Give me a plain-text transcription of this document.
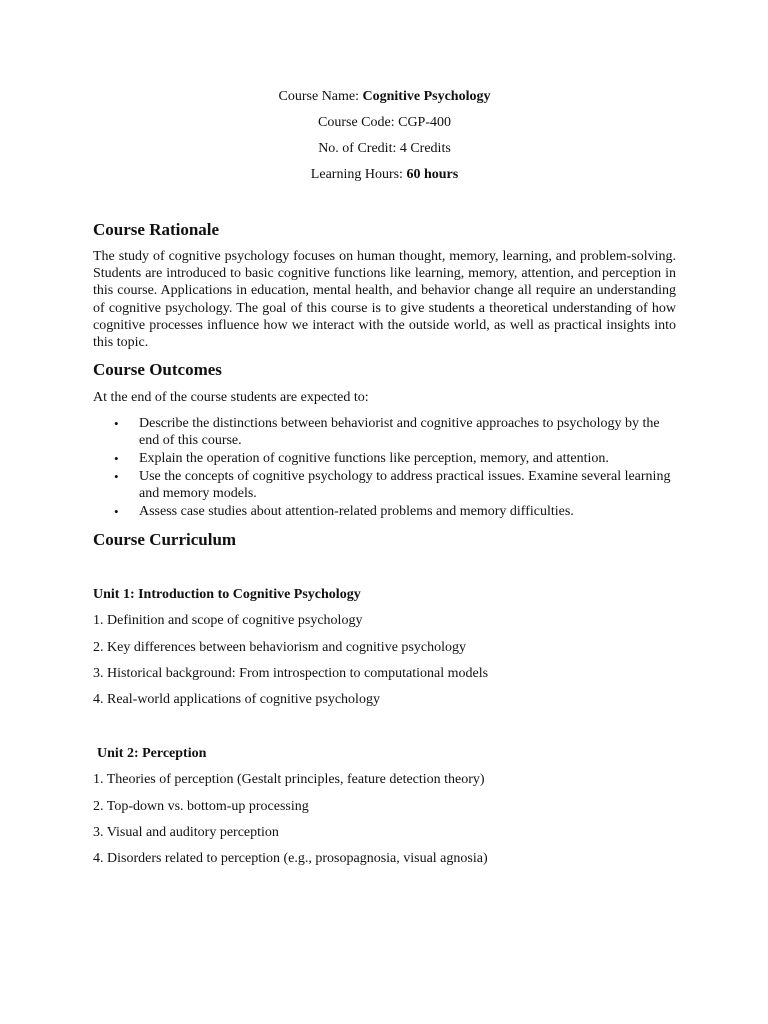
Course Name: Cognitive Psychology
Course Code: CGP-400
No. of Credit: 4 Credits
Learning Hours: 60 hours
Course Rationale
The study of cognitive psychology focuses on human thought, memory, learning, and problem-solving. Students are introduced to basic cognitive functions like learning, memory, attention, and perception in this course. Applications in education, mental health, and behavior change all require an understanding of cognitive psychology. The goal of this course is to give students a theoretical understanding of how cognitive processes influence how we interact with the outside world, as well as practical insights into this topic.
Course Outcomes
At the end of the course students are expected to:
• Describe the distinctions between behaviorist and cognitive approaches to psychology by the end of this course.
• Explain the operation of cognitive functions like perception, memory, and attention.
• Use the concepts of cognitive psychology to address practical issues. Examine several learning and memory models.
• Assess case studies about attention-related problems and memory difficulties.
Course Curriculum
Unit 1: Introduction to Cognitive Psychology
1. Definition and scope of cognitive psychology
2. Key differences between behaviorism and cognitive psychology
3. Historical background: From introspection to computational models
4. Real-world applications of cognitive psychology
Unit 2: Perception
1. Theories of perception (Gestalt principles, feature detection theory)
2. Top-down vs. bottom-up processing
3. Visual and auditory perception
4. Disorders related to perception (e.g., prosopagnosia, visual agnosia)
